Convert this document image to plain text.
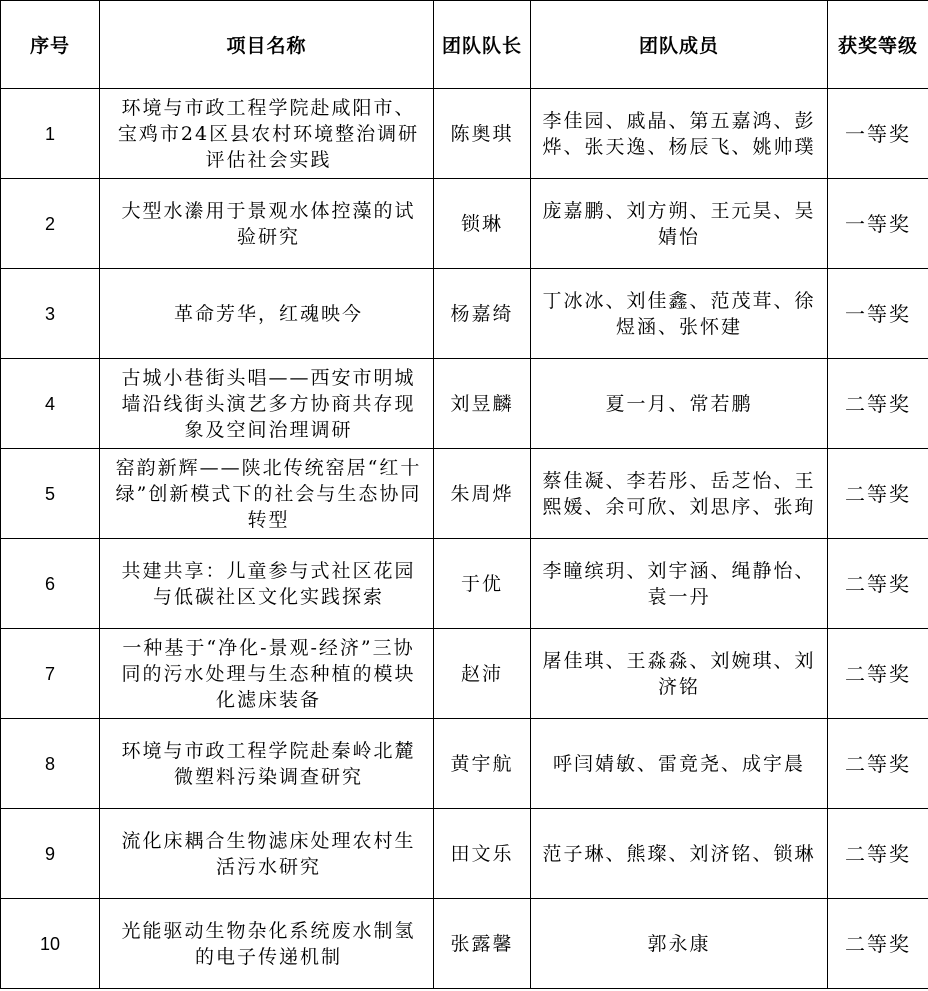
序号	项目名称	团队队长	团队成员	获奖等级
1	环境与市政工程学院赴咸阳市、宝鸡市24区县农村环境整治调研评估社会实践	陈奥琪	李佳园、戚晶、第五嘉鸿、彭烨、张天逸、杨辰飞、姚帅璞	一等奖
2	大型水潫用于景观水体控藻的试验研究	锁琳	庞嘉鹏、刘方朔、王元昊、吴婧怡	一等奖
3	革命芳华，红魂映今	杨嘉绮	丁冰冰、刘佳鑫、范茂茸、徐煜涵、张怀建	一等奖
4	古城小巷街头唱——西安市明城墙沿线街头演艺多方协商共存现象及空间治理调研	刘昱麟	夏一月、常若鹏	二等奖
5	窑韵新辉——陕北传统窑居“红十绿”创新模式下的社会与生态协同转型	朱周烨	蔡佳凝、李若彤、岳芝怡、王熙媛、余可欣、刘思序、张珣	二等奖
6	共建共享：儿童参与式社区花园与低碳社区文化实践探索	于优	李瞳缤玥、刘宇涵、绳静怡、袁一丹	二等奖
7	一种基于“净化-景观-经济”三协同的污水处理与生态种植的模块化滤床装备	赵沛	屠佳琪、王淼淼、刘婉琪、刘济铭	二等奖
8	环境与市政工程学院赴秦岭北麓微塑料污染调查研究	黄宇航	呼闫婧敏、雷竟尧、成宇晨	二等奖
9	流化床耦合生物滤床处理农村生活污水研究	田文乐	范子琳、熊璨、刘济铭、锁琳	二等奖
10	光能驱动生物杂化系统废水制氢的电子传递机制	张露馨	郭永康	二等奖
